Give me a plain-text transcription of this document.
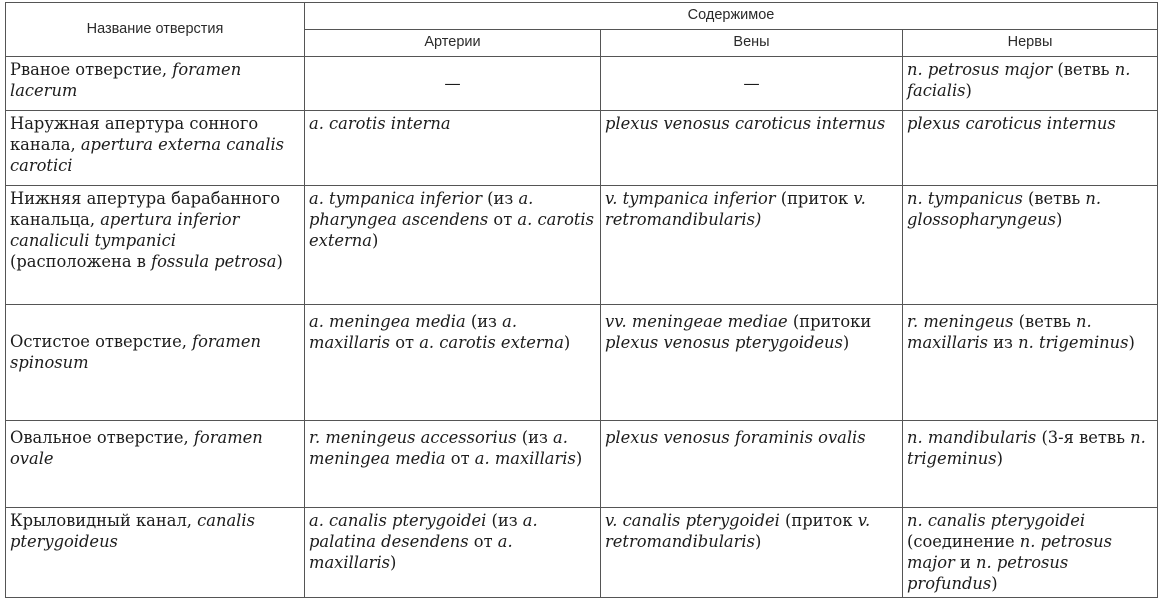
Название отверстия	Содержимое		
	Артерии	Вены	Нервы
Рваное отверстие, foramen lacerum	—	—	n. petrosus major (ветвь n. facialis)
Наружная апертура сонного канала, apertura externa canalis carotici	a. carotis interna	plexus venosus caroticus internus	plexus caroticus internus
Нижняя апертура барабанного канальца, apertura inferior canaliculi tympanici (расположена в fossula petrosa)	a. tympanica inferior (из a. pharyngea ascendens от a. carotis externa)	v. tympanica inferior (приток v. retromandibularis)	n. tympanicus (ветвь n. glossopharyngeus)
Остистое отверстие, foramen spinosum	a. meningea media (из a. maxillaris от a. carotis externa)	vv. meningeae mediae (притоки plexus venosus pterygoideus)	r. meningeus (ветвь n. maxillaris из n. trigeminus)
Овальное отверстие, foramen ovale	r. meningeus accessorius (из a. meningea media от a. maxillaris)	plexus venosus foraminis ovalis	n. mandibularis (3-я ветвь n. trigeminus)
Крыловидный канал, canalis pterygoideus	a. canalis pterygoidei (из a. palatina desendens от a. maxillaris)	v. canalis pterygoidei (приток v. retromandibularis)	n. canalis pterygoidei (соединение n. petrosus major и n. petrosus profundus)
